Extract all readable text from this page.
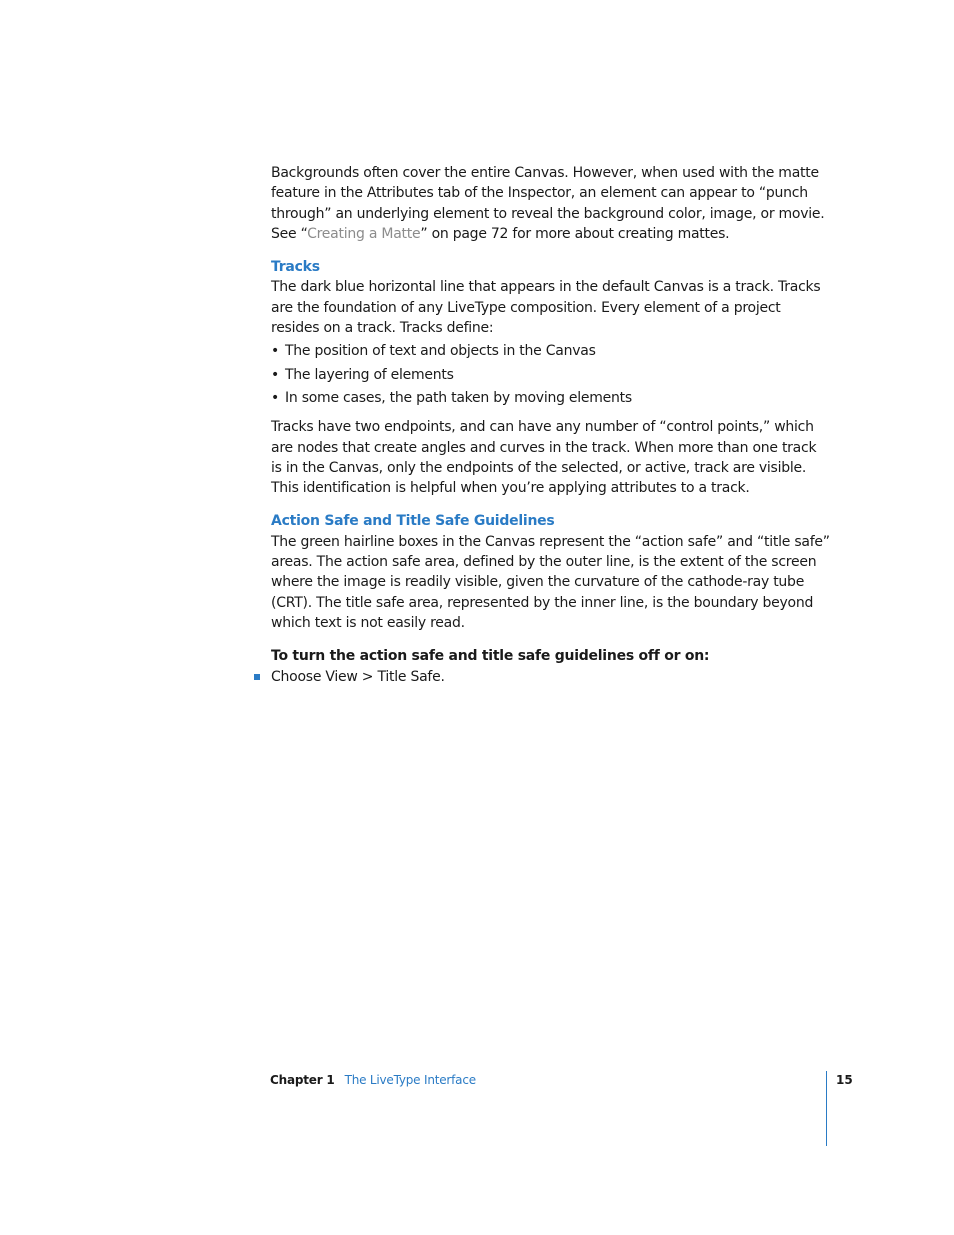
Backgrounds often cover the entire Canvas. However, when used with the matte feature in the Attributes tab of the Inspector, an element can appear to “punch through” an underlying element to reveal the background color, image, or movie. See “Creating a Matte” on page 72 for more about creating mattes.

Tracks

The dark blue horizontal line that appears in the default Canvas is a track. Tracks are the foundation of any LiveType composition. Every element of a project resides on a track. Tracks define:

• The position of text and objects in the Canvas
• The layering of elements
• In some cases, the path taken by moving elements

Tracks have two endpoints, and can have any number of “control points,” which are nodes that create angles and curves in the track. When more than one track is in the Canvas, only the endpoints of the selected, or active, track are visible. This identification is helpful when you’re applying attributes to a track.

Action Safe and Title Safe Guidelines

The green hairline boxes in the Canvas represent the “action safe” and “title safe” areas. The action safe area, defined by the outer line, is the extent of the screen where the image is readily visible, given the curvature of the cathode-ray tube (CRT). The title safe area, represented by the inner line, is the boundary beyond which text is not easily read.

To turn the action safe and title safe guidelines off or on:

Choose View > Title Safe.

Chapter 1 The LiveType Interface	15
